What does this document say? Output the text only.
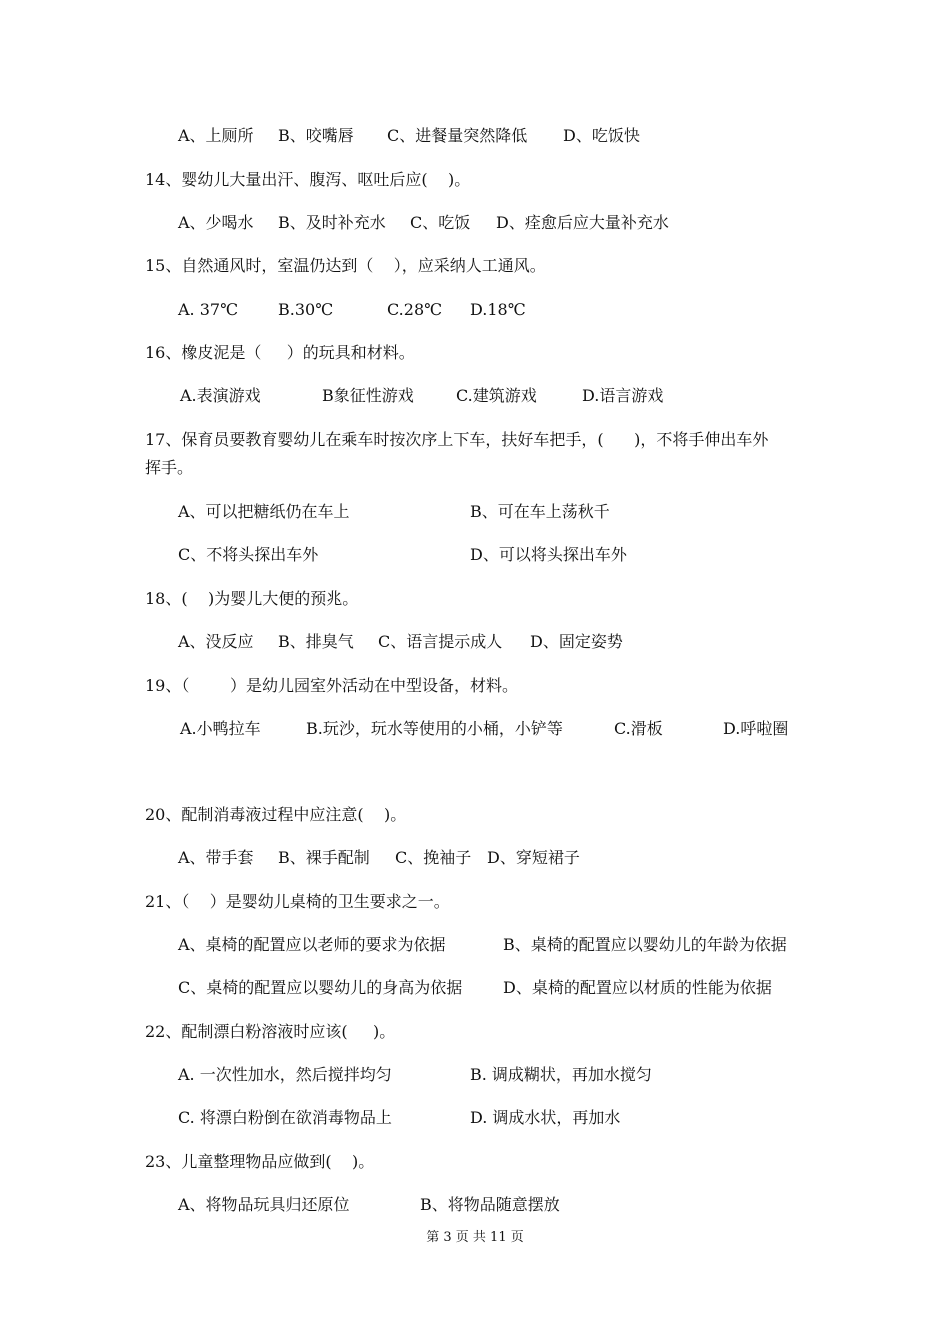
A、上厕所 B、咬嘴唇 C、进餐量突然降低 D、吃饭快
14、婴幼儿大量出汗、腹泻、呕吐后应(    )。
A、少喝水 B、及时补充水 C、吃饭 D、痊愈后应大量补充水
15、自然通风时，室温仍达到（    ），应采纳人工通风。
A. 37℃	B.30℃	C.28℃ D.18℃
16、橡皮泥是（     ）的玩具和材料。
A.表演游戏	B象征性游戏	C.建筑游戏	D.语言游戏
17、保育员要教育婴幼儿在乘车时按次序上下车，扶好车把手，(      )，不将手伸出车外
挥手。
A、可以把糖纸仍在车上	B、可在车上荡秋千
C、不将头探出车外	D、可以将头探出车外
18、(    )为婴儿大便的预兆。
A、没反应 B、排臭气 C、语言提示成人 D、固定姿势
19、（        ）是幼儿园室外活动在中型设备，材料。
A.小鸭拉车	B.玩沙，玩水等使用的小桶，小铲等	C.滑板	D.呼啦圈
20、配制消毒液过程中应注意(    )。
A、带手套 B、裸手配制 C、挽袖子 D、穿短裙子
21、（    ）是婴幼儿桌椅的卫生要求之一。
A、桌椅的配置应以老师的要求为依据	B、桌椅的配置应以婴幼儿的年龄为依据
C、桌椅的配置应以婴幼儿的身高为依据	D、桌椅的配置应以材质的性能为依据
22、配制漂白粉溶液时应该(     )。
A. 一次性加水，然后搅拌均匀	B. 调成糊状，再加水搅匀
C. 将漂白粉倒在欲消毒物品上	D. 调成水状，再加水
23、儿童整理物品应做到(    )。
A、将物品玩具归还原位	B、将物品随意摆放
第 3 页 共 11 页
